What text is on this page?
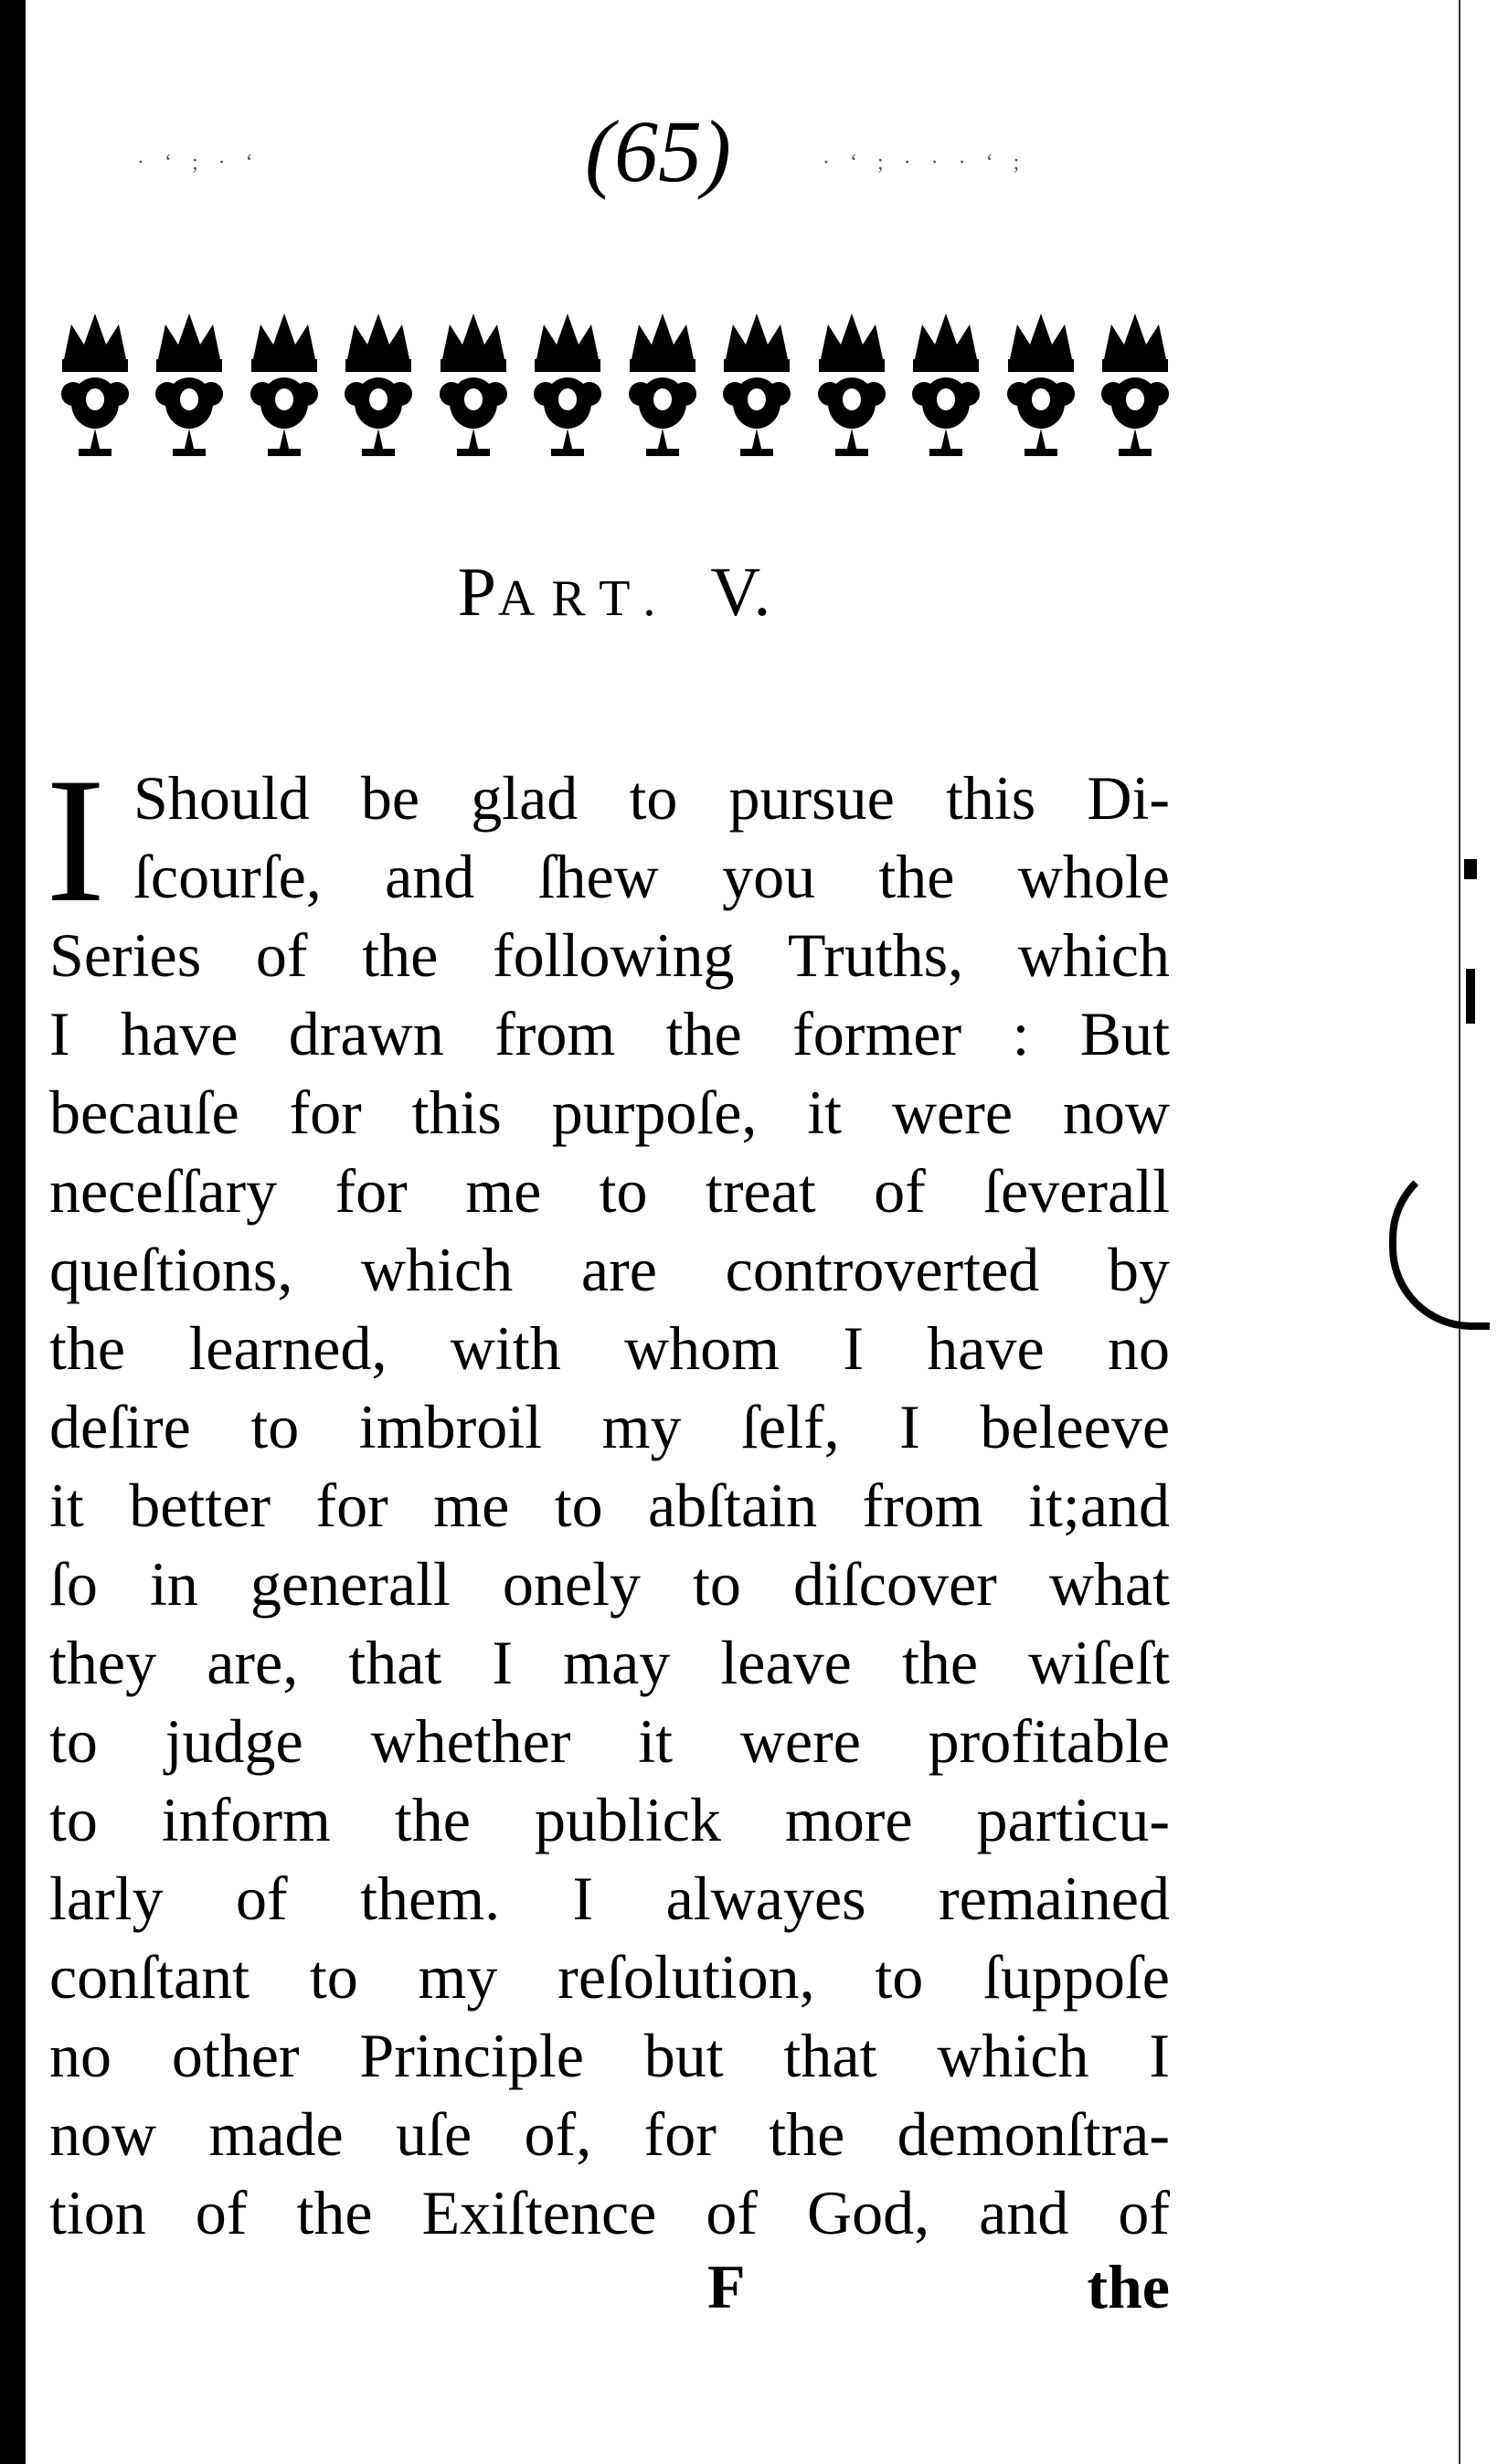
· ‘ ; · ‘	· ‘ ; · · · ‘ ;
(65)
PART. V.
I Should be glad to pursue this Di-
ſcourſe, and ſhew you the whole
Series of the following Truths, which
I have drawn from the former : But
becauſe for this purpoſe, it were now
neceſſary for me to treat of ſeverall
queſtions, which are controverted by
the learned, with whom I have no
deſire to imbroil my ſelf, I beleeve
it better for me to abſtain from it;and
ſo in generall onely to diſcover what
they are, that I may leave the wiſeſt
to judge whether it were profitable
to inform the publick more particu-
larly of them. I alwayes remained
conſtant to my reſolution, to ſuppoſe
no other Principle but that which I
now made uſe of, for the demonſtra-
tion of the Exiſtence of God, and of
F	the
